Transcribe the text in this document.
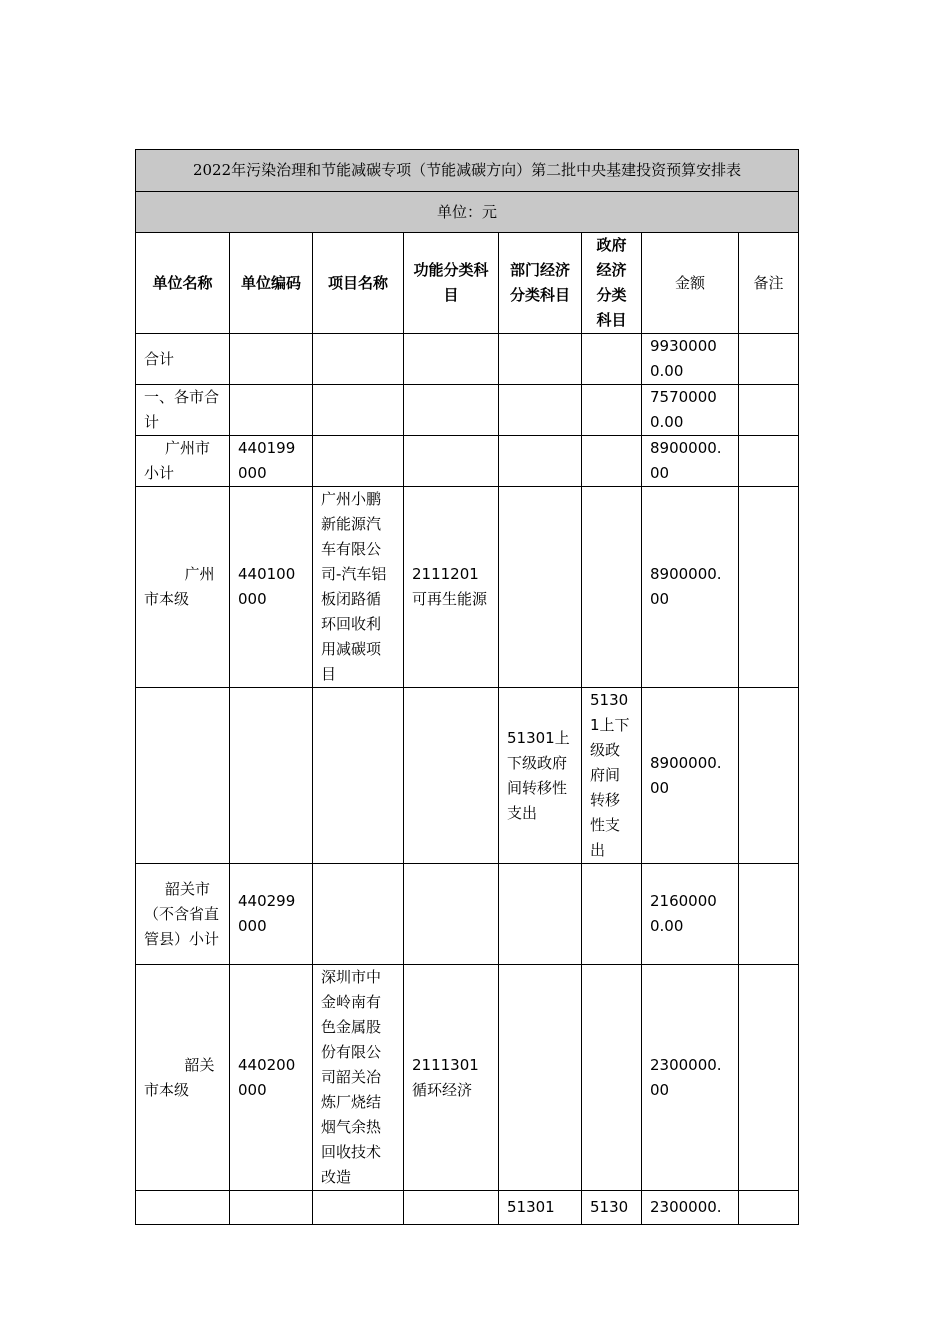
2022年污染治理和节能减碳专项（节能减碳方向）第二批中央基建投资预算安排表							
单位：元							
单位名称	单位编码	项目名称	功能分类科目	部门经济分类科目	政府经济分类科目	金额	备注
合计						99300000.00	
一、各市合计						75700000.00	
广州市小计	440199000					8900000.00	
广州市本级	440100000	广州小鹏新能源汽车有限公司-汽车铝板闭路循环回收利用减碳项目	2111201可再生能源			8900000.00	
				51301上下级政府间转移性支出	51301上下级政府间转移性支出	8900000.00	
韶关市（不含省直管县）小计	440299000					21600000.00	
韶关市本级	440200000	深圳市中金岭南有色金属股份有限公司韶关冶炼厂烧结烟气余热回收技术改造	2111301循环经济			2300000.00	
				51301	5130	2300000.	
